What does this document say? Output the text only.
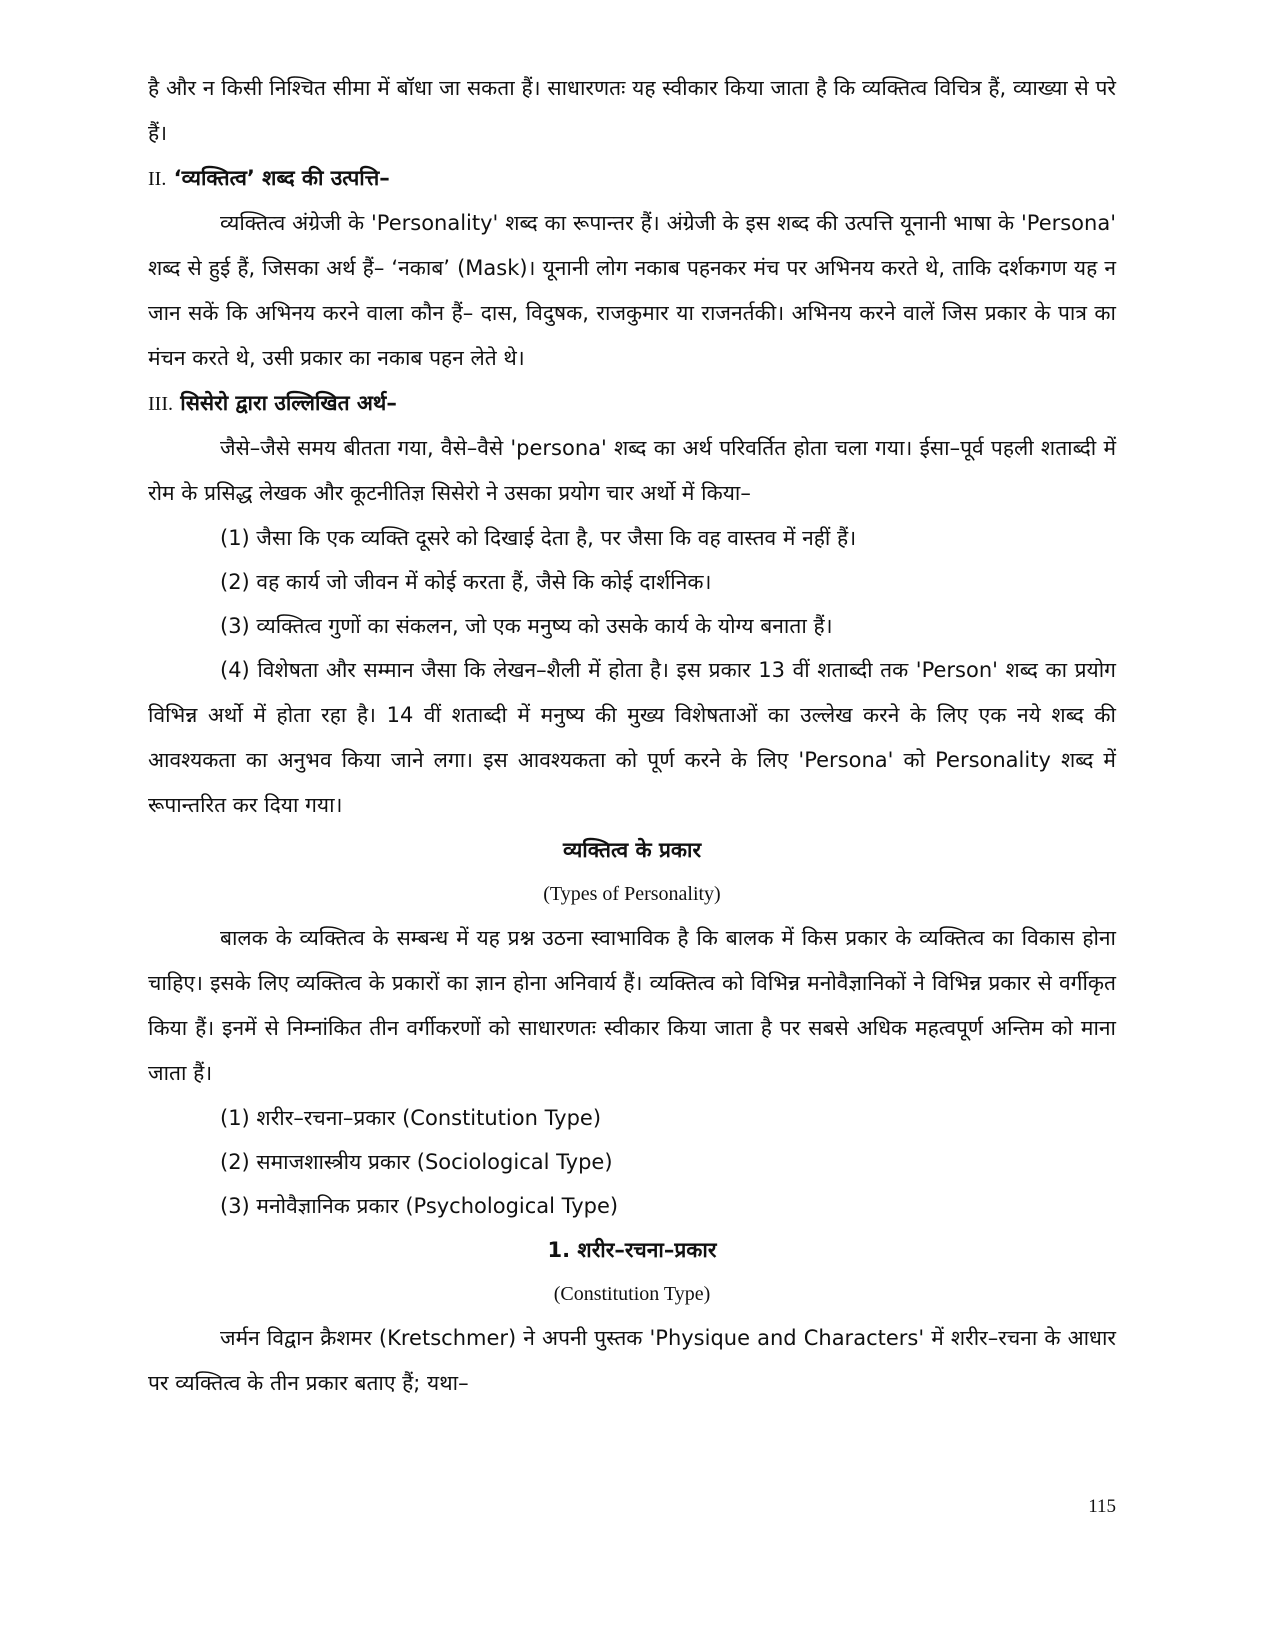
है और न किसी निश्चित सीमा में बॉधा जा सकता हैं। साधारणतः यह स्वीकार किया जाता है कि व्यक्तित्व विचित्र हैं, व्याख्या से परे हैं।

II. ‘व्यक्तित्व’ शब्द की उत्पत्ति–

व्यक्तित्व अंग्रेजी के 'Personality' शब्द का रूपान्तर हैं। अंग्रेजी के इस शब्द की उत्पत्ति यूनानी भाषा के 'Persona' शब्द से हुई हैं, जिसका अर्थ हैं– ‘नकाब’ (Mask)। यूनानी लोग नकाब पहनकर मंच पर अभिनय करते थे, ताकि दर्शकगण यह न जान सकें कि अभिनय करने वाला कौन हैं– दास, विदुषक, राजकुमार या राजनर्तकी। अभिनय करने वालें जिस प्रकार के पात्र का मंचन करते थे, उसी प्रकार का नकाब पहन लेते थे।

III. सिसेरो द्वारा उल्लिखित अर्थ–

जैसे–जैसे समय बीतता गया, वैसे–वैसे 'persona' शब्द का अर्थ परिवर्तित होता चला गया। ईसा–पूर्व पहली शताब्दी में रोम के प्रसिद्ध लेखक और कूटनीतिज्ञ सिसेरो ने उसका प्रयोग चार अर्थो में किया–

(1) जैसा कि एक व्यक्ति दूसरे को दिखाई देता है, पर जैसा कि वह वास्तव में नहीं हैं।

(2) वह कार्य जो जीवन में कोई करता हैं, जैसे कि कोई दार्शनिक।

(3) व्यक्तित्व गुणों का संकलन, जो एक मनुष्य को उसके कार्य के योग्य बनाता हैं।

(4) विशेषता और सम्मान जैसा कि लेखन–शैली में होता है। इस प्रकार 13 वीं शताब्दी तक 'Person' शब्द का प्रयोग विभिन्न अर्थो में होता रहा है। 14 वीं शताब्दी में मनुष्य की मुख्य विशेषताओं का उल्लेख करने के लिए एक नये शब्द की आवश्यकता का अनुभव किया जाने लगा। इस आवश्यकता को पूर्ण करने के लिए 'Persona' को Personality शब्द में रूपान्तरित कर दिया गया।

व्यक्तित्व के प्रकार
(Types of Personality)

बालक के व्यक्तित्व के सम्बन्ध में यह प्रश्न उठना स्वाभाविक है कि बालक में किस प्रकार के व्यक्तित्व का विकास होना चाहिए। इसके लिए व्यक्तित्व के प्रकारों का ज्ञान होना अनिवार्य हैं। व्यक्तित्व को विभिन्न मनोवैज्ञानिकों ने विभिन्न प्रकार से वर्गीकृत किया हैं। इनमें से निम्नांकित तीन वर्गीकरणों को साधारणतः स्वीकार किया जाता है पर सबसे अधिक महत्वपूर्ण अन्तिम को माना जाता हैं।

(1) शरीर–रचना–प्रकार (Constitution Type)

(2) समाजशास्त्रीय प्रकार (Sociological Type)

(3) मनोवैज्ञानिक प्रकार (Psychological Type)

1. शरीर–रचना–प्रकार
(Constitution Type)

जर्मन विद्वान क्रैशमर (Kretschmer) ने अपनी पुस्तक 'Physique and Characters' में शरीर–रचना के आधार पर व्यक्तित्व के तीन प्रकार बताए हैं; यथा–

115
